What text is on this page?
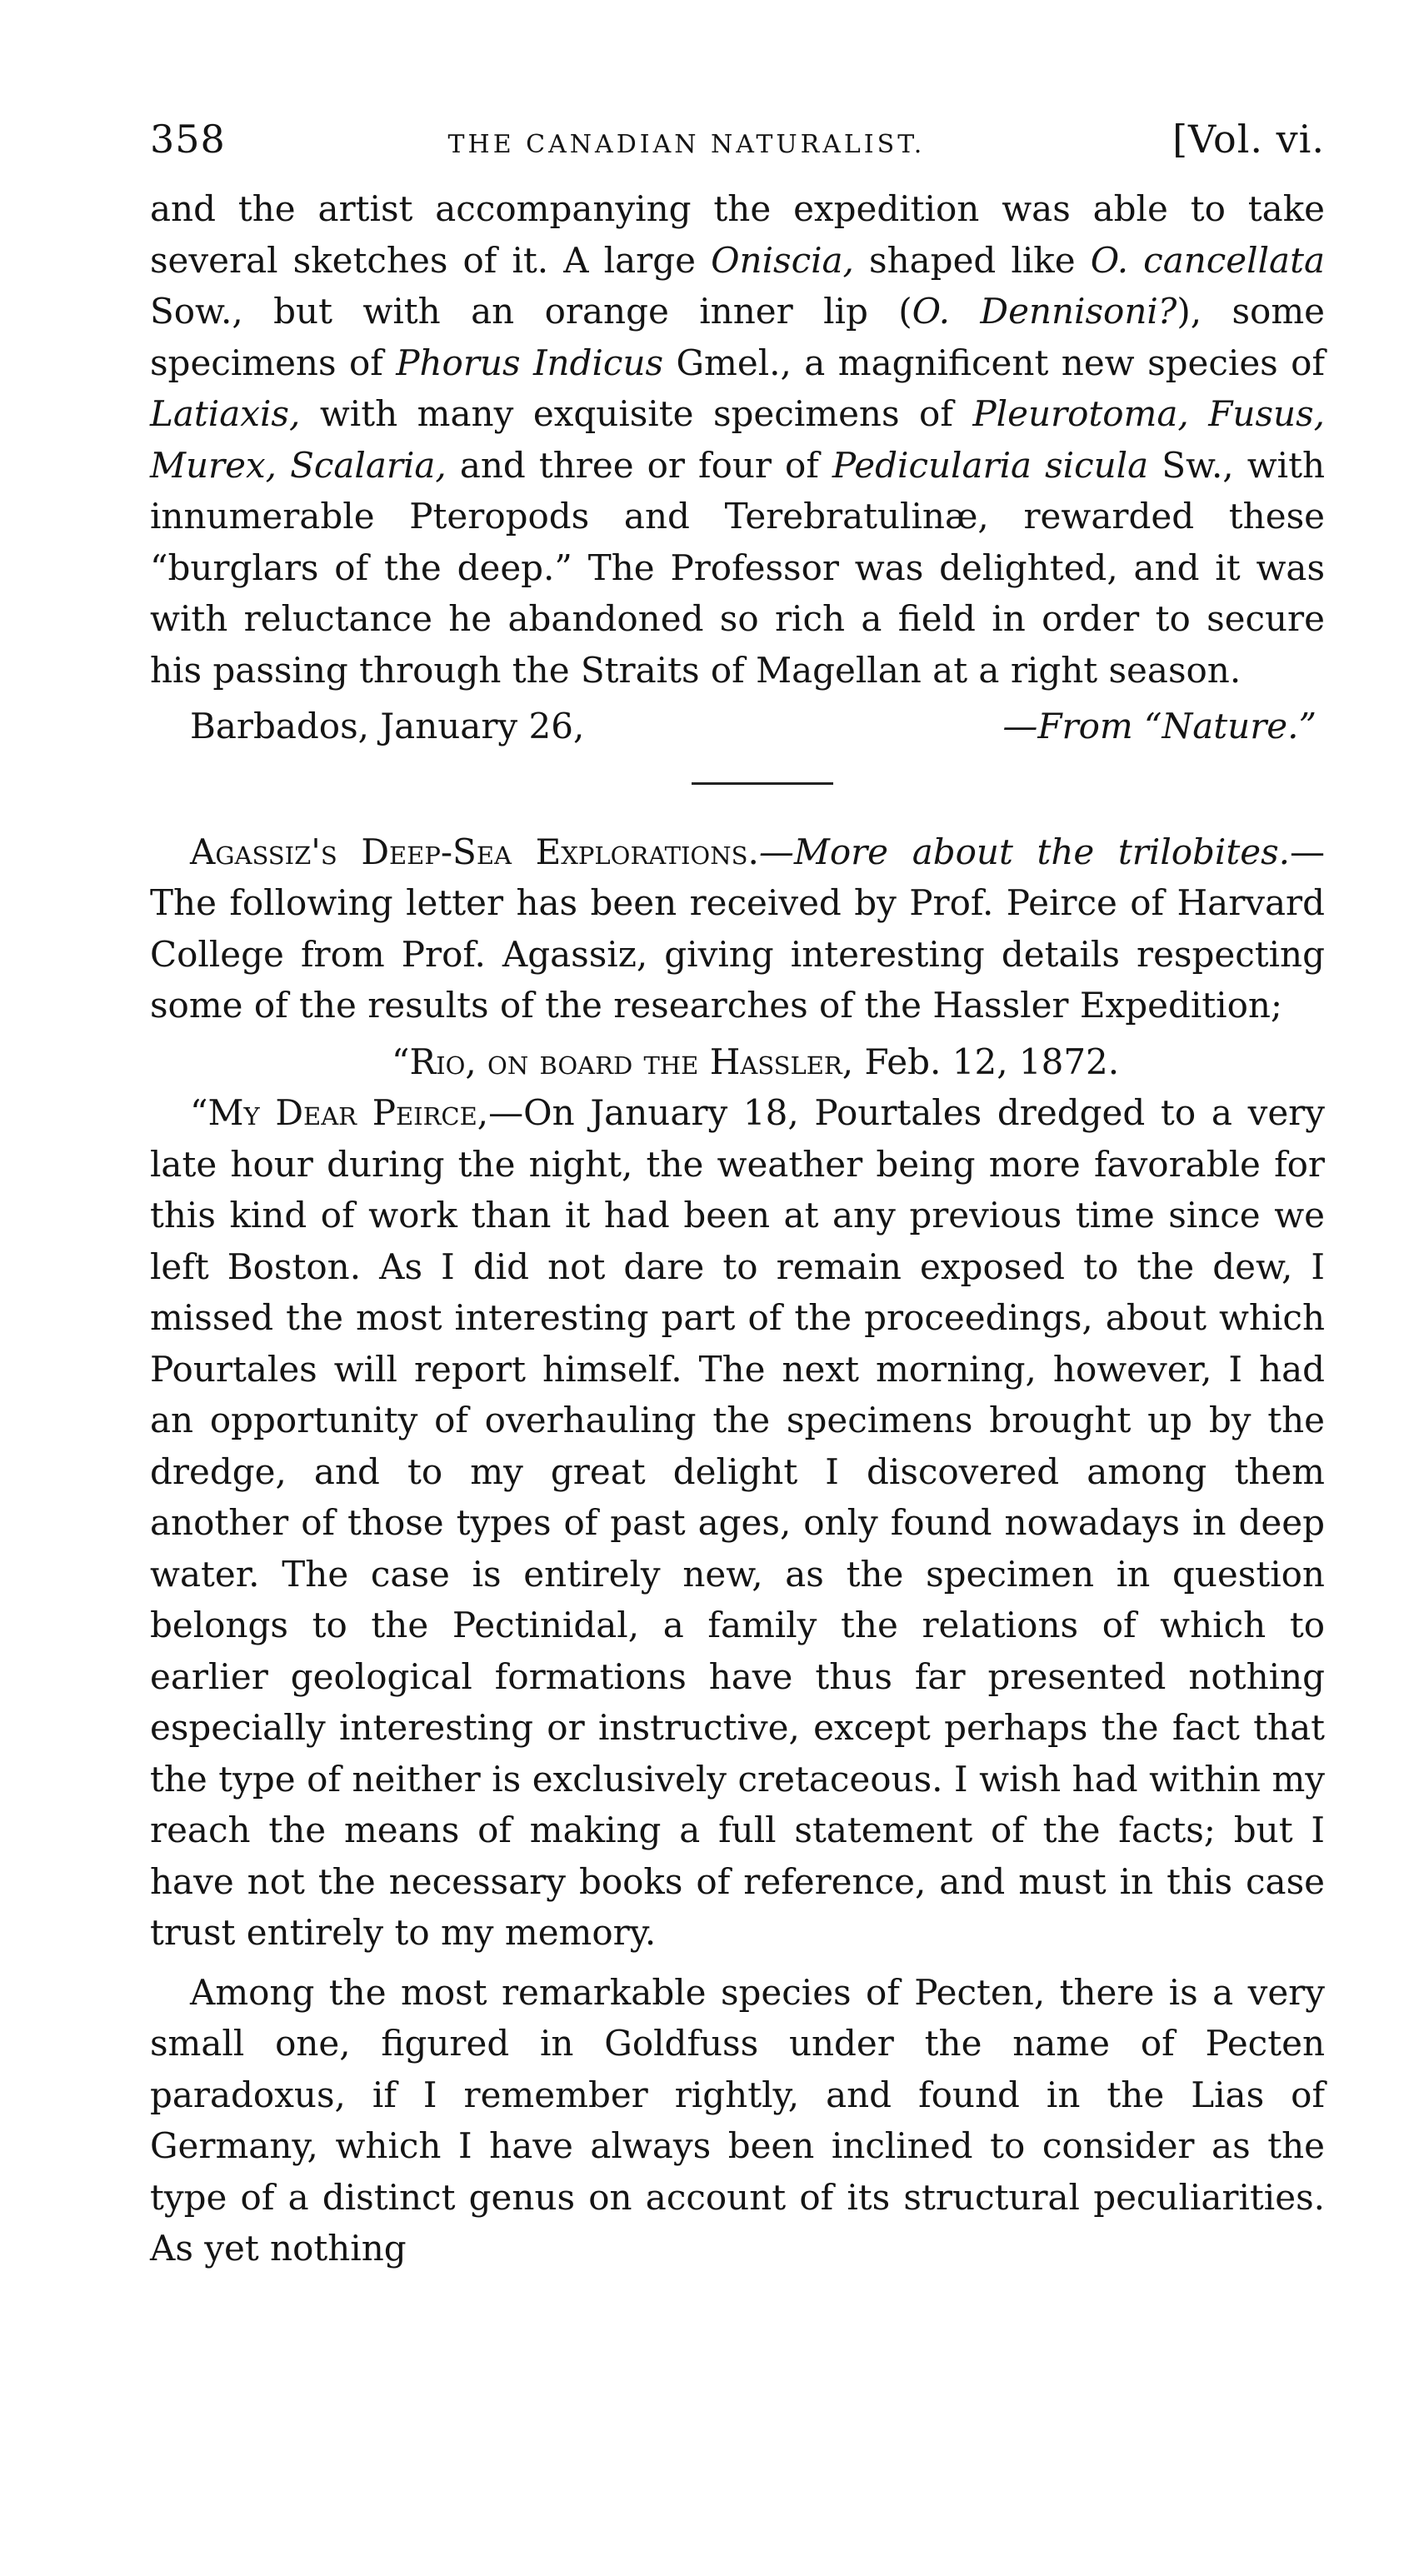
358	THE CANADIAN NATURALIST.	[Vol. vi.

and the artist accompanying the expedition was able to take several sketches of it. A large Oniscia, shaped like O. cancellata Sow., but with an orange inner lip (O. Dennisoni?), some specimens of Phorus Indicus Gmel., a magnificent new species of Latiaxis, with many exquisite specimens of Pleurotoma, Fusus, Murex, Scalaria, and three or four of Pedicularia sicula Sw., with innumerable Pteropods and Terebratulinæ, rewarded these “burglars of the deep.” The Professor was delighted, and it was with reluctance he abandoned so rich a field in order to secure his passing through the Straits of Magellan at a right season.

Barbados, January 26,	—From “Nature.”

Agassiz's Deep-Sea Explorations.—More about the trilobites.—The following letter has been received by Prof. Peirce of Harvard College from Prof. Agassiz, giving interesting details respecting some of the results of the researches of the Hassler Expedition;

“Rio, on board the Hassler, Feb. 12, 1872.

“My Dear Peirce,—On January 18, Pourtales dredged to a very late hour during the night, the weather being more favorable for this kind of work than it had been at any previous time since we left Boston. As I did not dare to remain exposed to the dew, I missed the most interesting part of the proceedings, about which Pourtales will report himself. The next morning, however, I had an opportunity of overhauling the specimens brought up by the dredge, and to my great delight I discovered among them another of those types of past ages, only found nowadays in deep water. The case is entirely new, as the specimen in question belongs to the Pectinidal, a family the relations of which to earlier geological formations have thus far presented nothing especially interesting or instructive, except perhaps the fact that the type of neither is exclusively cretaceous. I wish had within my reach the means of making a full statement of the facts; but I have not the necessary books of reference, and must in this case trust entirely to my memory.

Among the most remarkable species of Pecten, there is a very small one, figured in Goldfuss under the name of Pecten paradoxus, if I remember rightly, and found in the Lias of Germany, which I have always been inclined to consider as the type of a distinct genus on account of its structural peculiarities. As yet nothing
